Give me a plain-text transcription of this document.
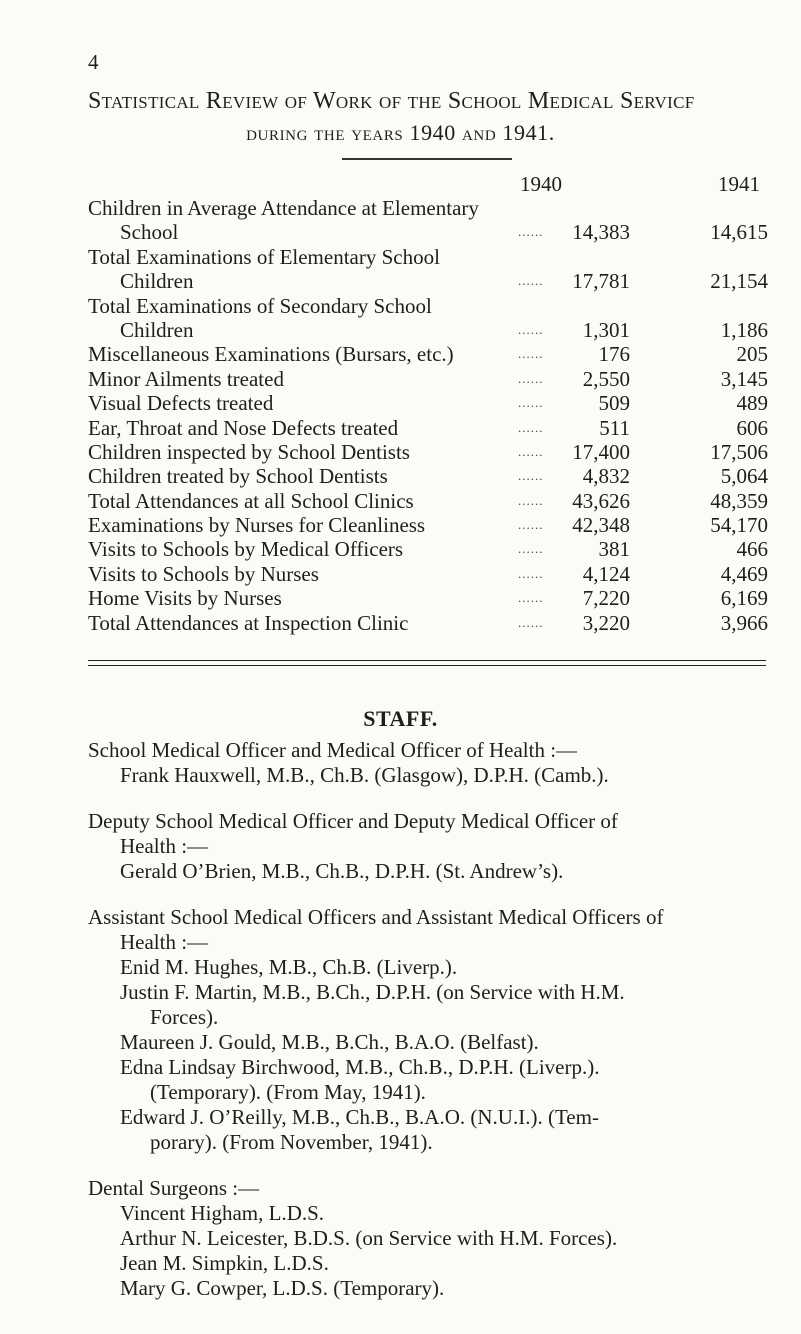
4
Statistical Review of Work of the School Medical Servicf
during the years 1940 and 1941.
1940	1941
Children in Average Attendance at Elementary
School	...... 14,383	14,615
Total Examinations of Elementary School
Children	...... 17,781	21,154
Total Examinations of Secondary School
Children	...... 1,301	1,186
Miscellaneous Examinations (Bursars, etc.)	......	176	205
Minor Ailments treated	...... 2,550	3,145
Visual Defects treated	......	509	489
Ear, Throat and Nose Defects treated	......	511	606
Children inspected by School Dentists	...... 17,400	17,506
Children treated by School Dentists	...... 4,832	5,064
Total Attendances at all School Clinics	...... 43,626	48,359
Examinations by Nurses for Cleanliness	...... 42,348	54,170
Visits to Schools by Medical Officers	......	381	466
Visits to Schools by Nurses	...... 4,124	4,469
Home Visits by Nurses	...... 7,220	6,169
Total Attendances at Inspection Clinic	...... 3,220	3,966
STAFF.
School Medical Officer and Medical Officer of Health :—
Frank Hauxwell, M.B., Ch.B. (Glasgow), D.P.H. (Camb.).
Deputy School Medical Officer and Deputy Medical Officer of
Health :—
Gerald O’Brien, M.B., Ch.B., D.P.H. (St. Andrew’s).
Assistant School Medical Officers and Assistant Medical Officers of
Health :—
Enid M. Hughes, M.B., Ch.B. (Liverp.).
Justin F. Martin, M.B., B.Ch., D.P.H. (on Service with H.M.
Forces).
Maureen J. Gould, M.B., B.Ch., B.A.O. (Belfast).
Edna Lindsay Birchwood, M.B., Ch.B., D.P.H. (Liverp.).
(Temporary). (From May, 1941).
Edward J. O’Reilly, M.B., Ch.B., B.A.O. (N.U.I.). (Tem-
porary). (From November, 1941).
Dental Surgeons :—
Vincent Higham, L.D.S.
Arthur N. Leicester, B.D.S. (on Service with H.M. Forces).
Jean M. Simpkin, L.D.S.
Mary G. Cowper, L.D.S. (Temporary).
